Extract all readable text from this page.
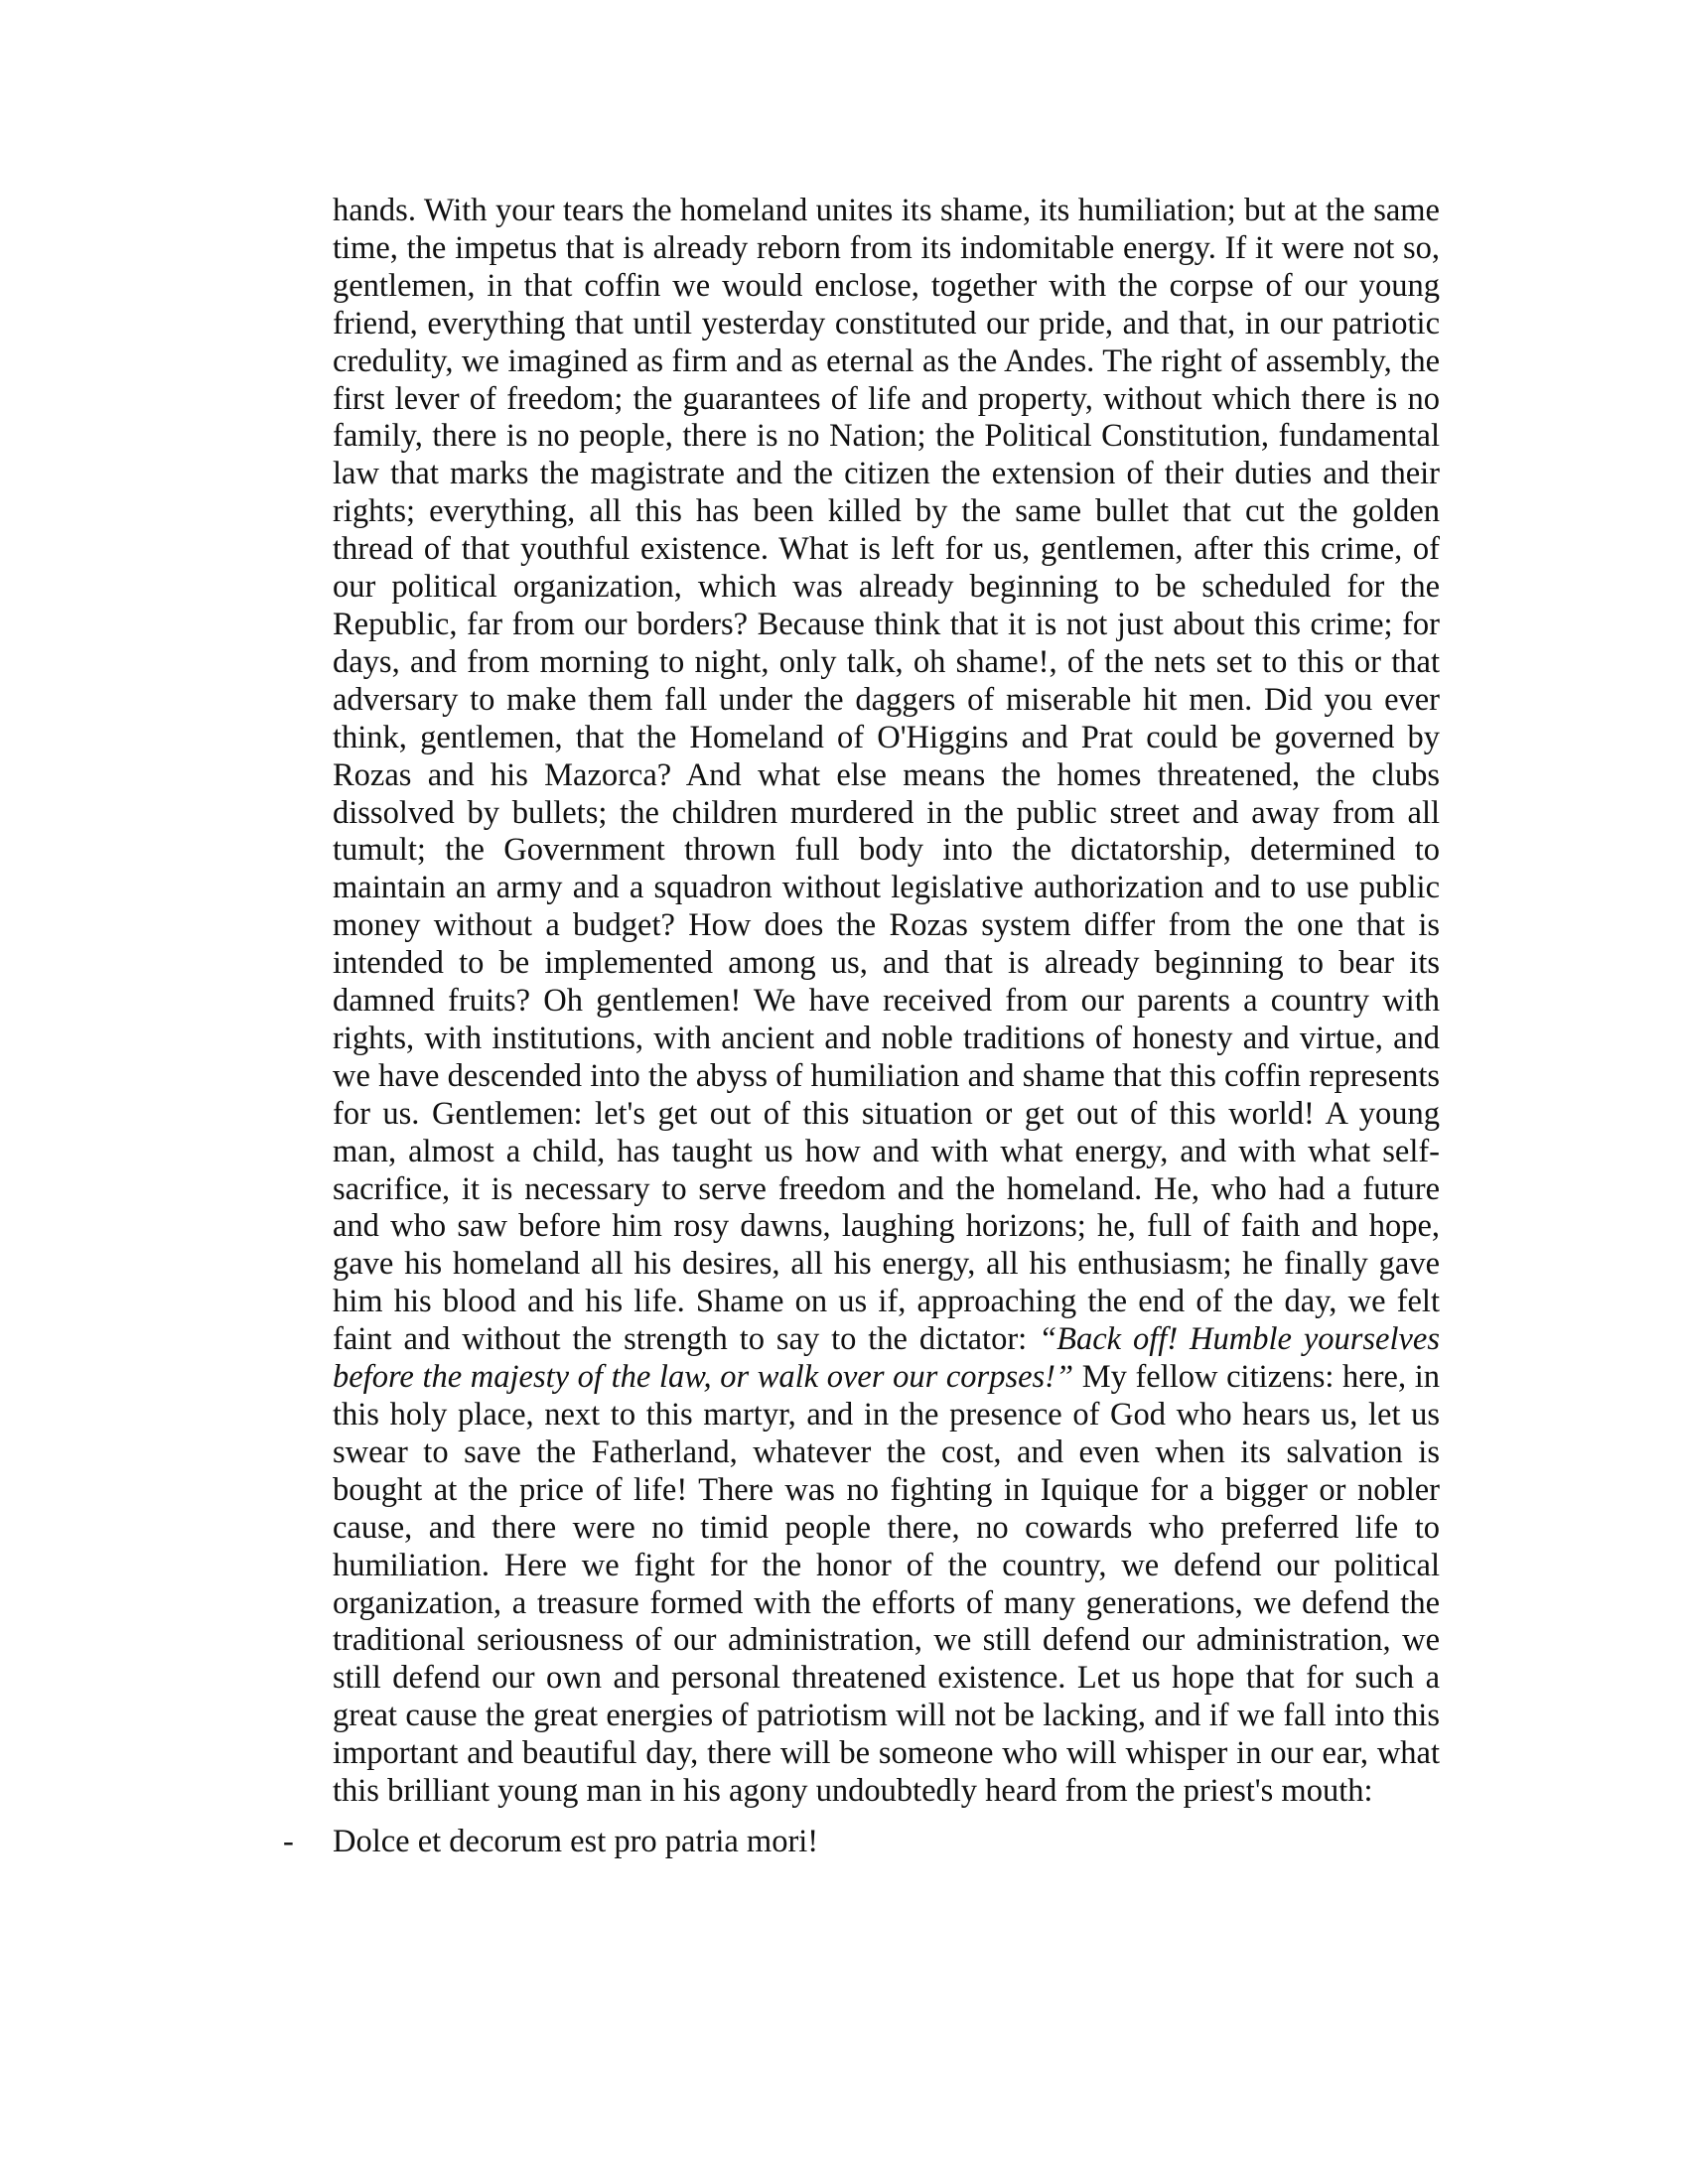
hands. With your tears the homeland unites its shame, its humiliation; but at the same time, the impetus that is already reborn from its indomitable energy. If it were not so, gentlemen, in that coffin we would enclose, together with the corpse of our young friend, everything that until yesterday constituted our pride, and that, in our patriotic credulity, we imagined as firm and as eternal as the Andes. The right of assembly, the first lever of freedom; the guarantees of life and property, without which there is no family, there is no people, there is no Nation; the Political Constitution, fundamental law that marks the magistrate and the citizen the extension of their duties and their rights; everything, all this has been killed by the same bullet that cut the golden thread of that youthful existence. What is left for us, gentlemen, after this crime, of our political organization, which was already beginning to be scheduled for the Republic, far from our borders? Because think that it is not just about this crime; for days, and from morning to night, only talk, oh shame!, of the nets set to this or that adversary to make them fall under the daggers of miserable hit men. Did you ever think, gentlemen, that the Homeland of O'Higgins and Prat could be governed by Rozas and his Mazorca? And what else means the homes threatened, the clubs dissolved by bullets; the children murdered in the public street and away from all tumult; the Government thrown full body into the dictatorship, determined to maintain an army and a squadron without legislative authorization and to use public money without a budget? How does the Rozas system differ from the one that is intended to be implemented among us, and that is already beginning to bear its damned fruits? Oh gentlemen! We have received from our parents a country with rights, with institutions, with ancient and noble traditions of honesty and virtue, and we have descended into the abyss of humiliation and shame that this coffin represents for us. Gentlemen: let's get out of this situation or get out of this world! A young man, almost a child, has taught us how and with what energy, and with what self-sacrifice, it is necessary to serve freedom and the homeland. He, who had a future and who saw before him rosy dawns, laughing horizons; he, full of faith and hope, gave his homeland all his desires, all his energy, all his enthusiasm; he finally gave him his blood and his life. Shame on us if, approaching the end of the day, we felt faint and without the strength to say to the dictator: “Back off! Humble yourselves before the majesty of the law, or walk over our corpses!” My fellow citizens: here, in this holy place, next to this martyr, and in the presence of God who hears us, let us swear to save the Fatherland, whatever the cost, and even when its salvation is bought at the price of life! There was no fighting in Iquique for a bigger or nobler cause, and there were no timid people there, no cowards who preferred life to humiliation. Here we fight for the honor of the country, we defend our political organization, a treasure formed with the efforts of many generations, we defend the traditional seriousness of our administration, we still defend our administration, we still defend our own and personal threatened existence. Let us hope that for such a great cause the great energies of patriotism will not be lacking, and if we fall into this important and beautiful day, there will be someone who will whisper in our ear, what this brilliant young man in his agony undoubtedly heard from the priest's mouth:

- Dolce et decorum est pro patria mori!
